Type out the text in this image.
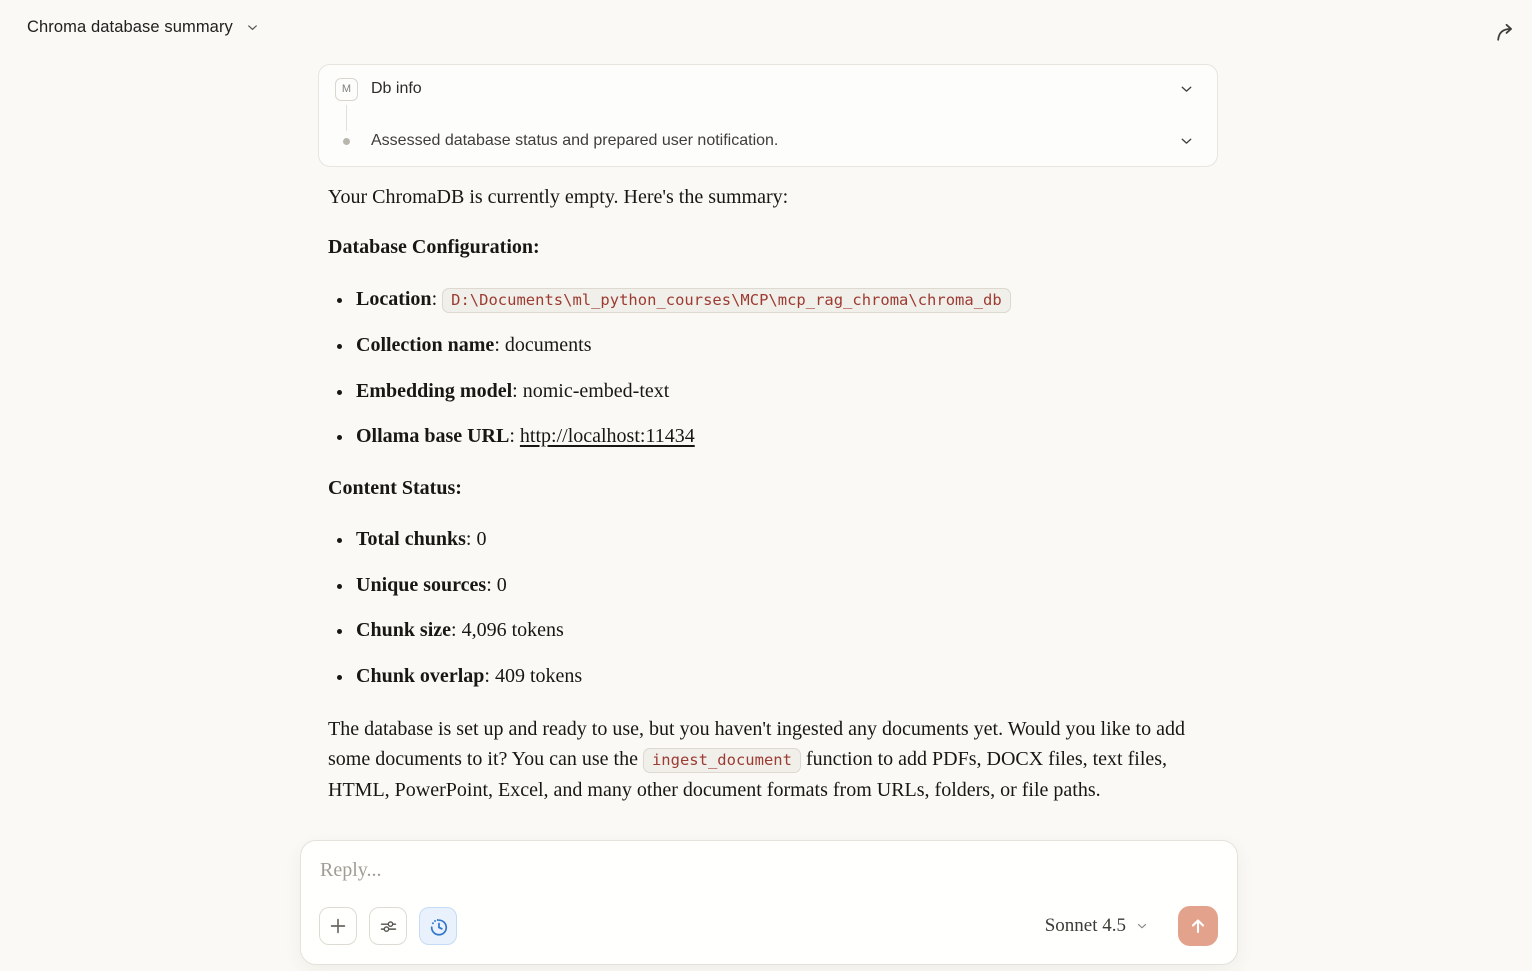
Chroma database summary
M	Db info
Assessed database status and prepared user notification.
Your ChromaDB is currently empty. Here's the summary:
Database Configuration:
Location: D:\Documents\ml_python_courses\MCP\mcp_rag_chroma\chroma_db
Collection name: documents
Embedding model: nomic-embed-text
Ollama base URL: http://localhost:11434
Content Status:
Total chunks: 0
Unique sources: 0
Chunk size: 4,096 tokens
Chunk overlap: 409 tokens
The database is set up and ready to use, but you haven't ingested any documents yet. Would you like to add some documents to it? You can use the ingest_document function to add PDFs, DOCX files, text files, HTML, PowerPoint, Excel, and many other document formats from URLs, folders, or file paths.
Reply...
Sonnet 4.5
